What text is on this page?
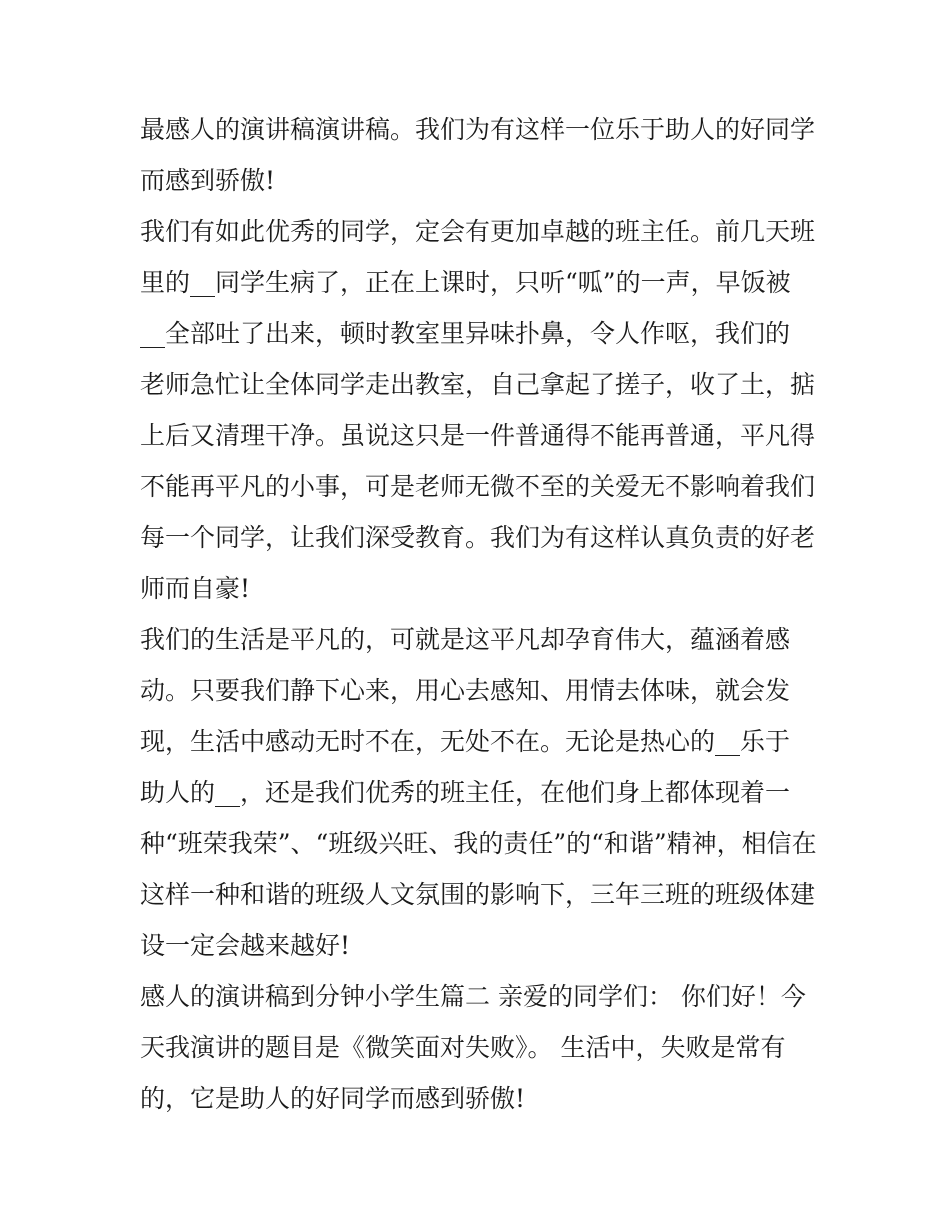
最感人的演讲稿演讲稿。我们为有这样一位乐于助人的好同学
而感到骄傲!

我们有如此优秀的同学，定会有更加卓越的班主任。前几天班
里的__同学生病了，正在上课时，只听“呱”的一声，早饭被
__全部吐了出来，顿时教室里异味扑鼻，令人作呕，我们的
老师急忙让全体同学走出教室，自己拿起了搓子，收了土，掂
上后又清理干净。虽说这只是一件普通得不能再普通，平凡得
不能再平凡的小事，可是老师无微不至的关爱无不影响着我们
每一个同学，让我们深受教育。我们为有这样认真负责的好老
师而自豪!

我们的生活是平凡的，可就是这平凡却孕育伟大，蕴涵着感
动。只要我们静下心来，用心去感知、用情去体味，就会发
现，生活中感动无时不在，无处不在。无论是热心的__乐于
助人的__，还是我们优秀的班主任，在他们身上都体现着一
种“班荣我荣”、“班级兴旺、我的责任”的“和谐”精神，相信在
这样一种和谐的班级人文氛围的影响下，三年三班的班级体建
设一定会越来越好!

感人的演讲稿到分钟小学生篇二 亲爱的同学们： 你们好！今
天我演讲的题目是《微笑面对失败》。 生活中，失败是常有
的，它是助人的好同学而感到骄傲!
